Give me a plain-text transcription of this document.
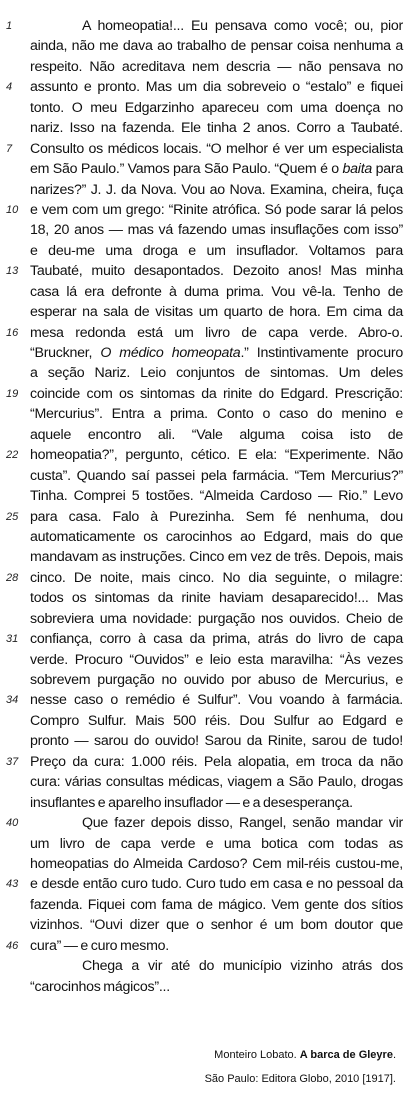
1	A homeopatia!... Eu pensava como você; ou, pior
ainda, não me dava ao trabalho de pensar coisa nenhuma a
respeito. Não acreditava nem descria — não pensava no
4	assunto e pronto. Mas um dia sobreveio o “estalo” e fiquei
tonto. O meu Edgarzinho apareceu com uma doença no
nariz. Isso na fazenda. Ele tinha 2 anos. Corro a Taubaté.
7	Consulto os médicos locais. “O melhor é ver um especialista
em São Paulo.” Vamos para São Paulo. “Quem é o baita para
narizes?” J. J. da Nova. Vou ao Nova. Examina, cheira, fuça
10 e vem com um grego: “Rinite atrófica. Só pode sarar lá pelos
18, 20 anos — mas vá fazendo umas insuflações com isso”
e deu-me uma droga e um insuflador. Voltamos para
13 Taubaté, muito desapontados. Dezoito anos! Mas minha
casa lá era defronte à duma prima. Vou vê-la. Tenho de
esperar na sala de visitas um quarto de hora. Em cima da
16 mesa redonda está um livro de capa verde. Abro-o.
“Bruckner, O médico homeopata.” Instintivamente procuro
a seção Nariz. Leio conjuntos de sintomas. Um deles
19 coincide com os sintomas da rinite do Edgard. Prescrição:
“Mercurius”. Entra a prima. Conto o caso do menino e
aquele encontro ali. “Vale alguma coisa isto de
22 homeopatia?”, pergunto, cético. E ela: “Experimente. Não
custa”. Quando saí passei pela farmácia. “Tem Mercurius?”
Tinha. Comprei 5 tostões. “Almeida Cardoso — Rio.” Levo
25 para casa. Falo à Purezinha. Sem fé nenhuma, dou
automaticamente os carocinhos ao Edgard, mais do que
mandavam as instruções. Cinco em vez de três. Depois, mais
28 cinco. De noite, mais cinco. No dia seguinte, o milagre:
todos os sintomas da rinite haviam desaparecido!... Mas
sobreviera uma novidade: purgação nos ouvidos. Cheio de
31 confiança, corro à casa da prima, atrás do livro de capa
verde. Procuro “Ouvidos” e leio esta maravilha: “Às vezes
sobrevem purgação no ouvido por abuso de Mercurius, e
34 nesse caso o remédio é Sulfur”. Vou voando à farmácia.
Compro Sulfur. Mais 500 réis. Dou Sulfur ao Edgard e
pronto — sarou do ouvido! Sarou da Rinite, sarou de tudo!
37 Preço da cura: 1.000 réis. Pela alopatia, em troca da não
cura: várias consultas médicas, viagem a São Paulo, drogas
insuflantes e aparelho insuflador — e a desesperança.
40	Que fazer depois disso, Rangel, senão mandar vir
um livro de capa verde e uma botica com todas as
homeopatias do Almeida Cardoso? Cem mil-réis custou-me,
43 e desde então curo tudo. Curo tudo em casa e no pessoal da
fazenda. Fiquei com fama de mágico. Vem gente dos sítios
vizinhos. “Ouvi dizer que o senhor é um bom doutor que
46 cura” — e curo mesmo.
Chega a vir até do município vizinho atrás dos
“carocinhos mágicos”...
Monteiro Lobato. A barca de Gleyre.
São Paulo: Editora Globo, 2010 [1917].
